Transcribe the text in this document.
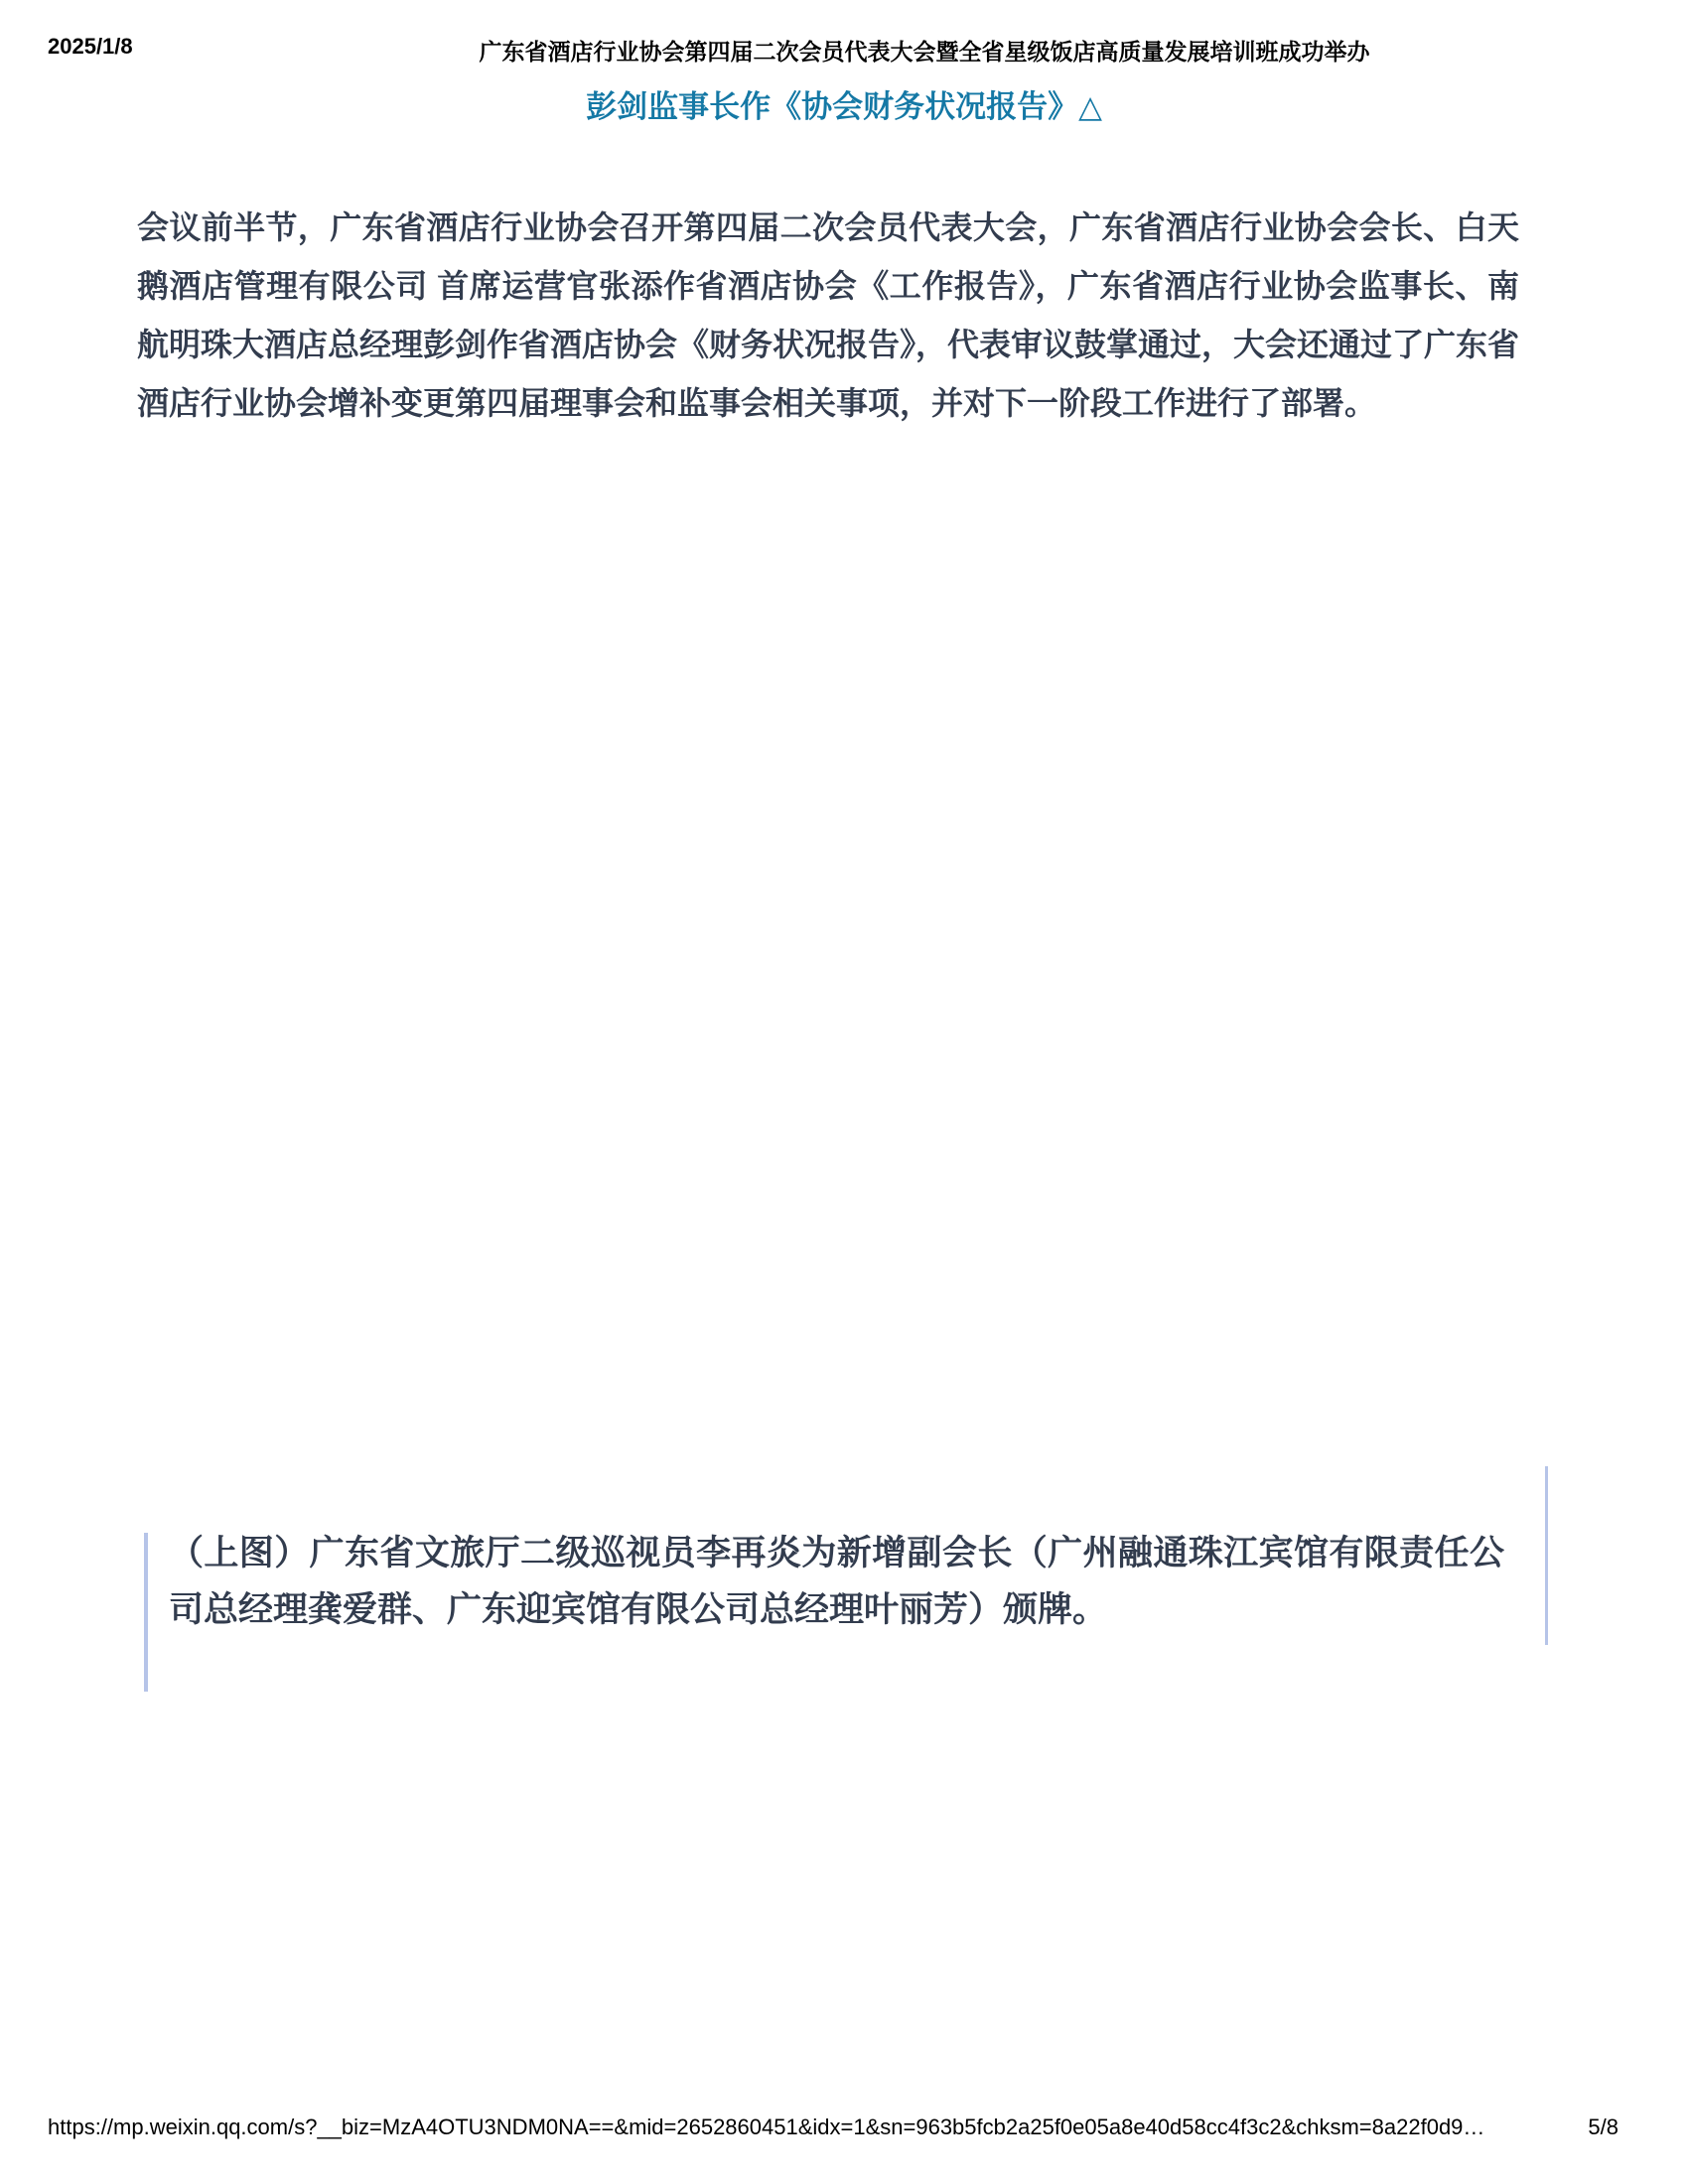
2025/1/8	广东省酒店行业协会第四届二次会员代表大会暨全省星级饭店高质量发展培训班成功举办
彭剑监事长作《协会财务状况报告》△
会议前半节，广东省酒店行业协会召开第四届二次会员代表大会，广东省酒店行业协会会长、白天鹅酒店管理有限公司 首席运营官张添作省酒店协会《工作报告》，广东省酒店行业协会监事长、南航明珠大酒店总经理彭剑作省酒店协会《财务状况报告》，代表审议鼓掌通过，大会还通过了广东省酒店行业协会增补变更第四届理事会和监事会相关事项，并对下一阶段工作进行了部署。
（上图）广东省文旅厅二级巡视员李再炎为新增副会长（广州融通珠江宾馆有限责任公司总经理龚爱群、广东迎宾馆有限公司总经理叶丽芳）颁牌。
https://mp.weixin.qq.com/s?__biz=MzA4OTU3NDM0NA==&mid=2652860451&idx=1&sn=963b5fcb2a25f0e05a8e40d58cc4f3c2&chksm=8a22f0d9…	5/8
